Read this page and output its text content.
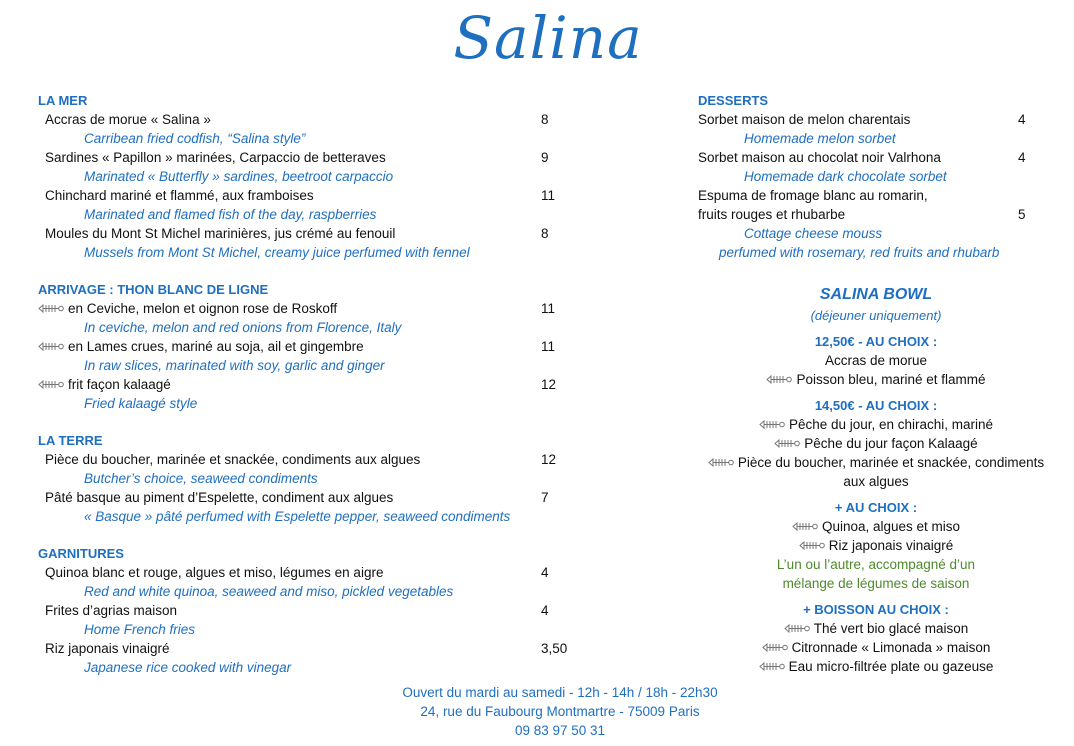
Salina
LA MER
Accras de morue « Salina »	8
Carribean fried codfish, “Salina style”
Sardines « Papillon » marinées, Carpaccio de betteraves	9
Marinated « Butterfly » sardines, beetroot carpaccio
Chinchard mariné et flammé, aux framboises	11
Marinated and flamed fish of the day, raspberries
Moules du Mont St Michel marinières, jus crémé au fenouil	8
Mussels from Mont St Michel, creamy juice perfumed with fennel
ARRIVAGE : THON BLANC DE LIGNE
en Ceviche, melon et oignon rose de Roskoff	11
In ceviche, melon and red onions from Florence, Italy
en Lames crues, mariné au soja, ail et gingembre	11
In raw slices, marinated with soy, garlic and ginger
frit façon kalaagé	12
Fried kalaagé style
LA TERRE
Pièce du boucher, marinée et snackée, condiments aux algues	12
Butcher’s choice, seaweed condiments
Pâté basque au piment d’Espelette, condiment aux algues	7
« Basque » pâté perfumed with Espelette pepper, seaweed condiments
GARNITURES
Quinoa blanc et rouge, algues et miso, légumes en aigre	4
Red and white quinoa, seaweed and miso, pickled vegetables
Frites d’agrias maison	4
Home French fries
Riz japonais vinaigré	3,50
Japanese rice cooked with vinegar
DESSERTS
Sorbet maison de melon charentais	4
Homemade melon sorbet
Sorbet maison au chocolat noir Valrhona	4
Homemade dark chocolate sorbet
Espuma de fromage blanc au romarin,
fruits rouges et rhubarbe	5
Cottage cheese mouss
perfumed with rosemary, red fruits and rhubarb
SALINA BOWL
(déjeuner uniquement)
12,50€ - AU CHOIX :
Accras de morue
Poisson bleu, mariné et flammé
14,50€ - AU CHOIX :
Pêche du jour, en chirachi, mariné
Pêche du jour façon Kalaagé
Pièce du boucher, marinée et snackée, condiments
aux algues
+ AU CHOIX :
Quinoa, algues et miso
Riz japonais vinaigré
L’un ou l’autre, accompagné d’un
mélange de légumes de saison
+ BOISSON AU CHOIX :
Thé vert bio glacé maison
Citronnade « Limonada » maison
Eau micro-filtrée plate ou gazeuse
Ouvert du mardi au samedi - 12h - 14h / 18h - 22h30
24, rue du Faubourg Montmartre - 75009 Paris
09 83 97 50 31
